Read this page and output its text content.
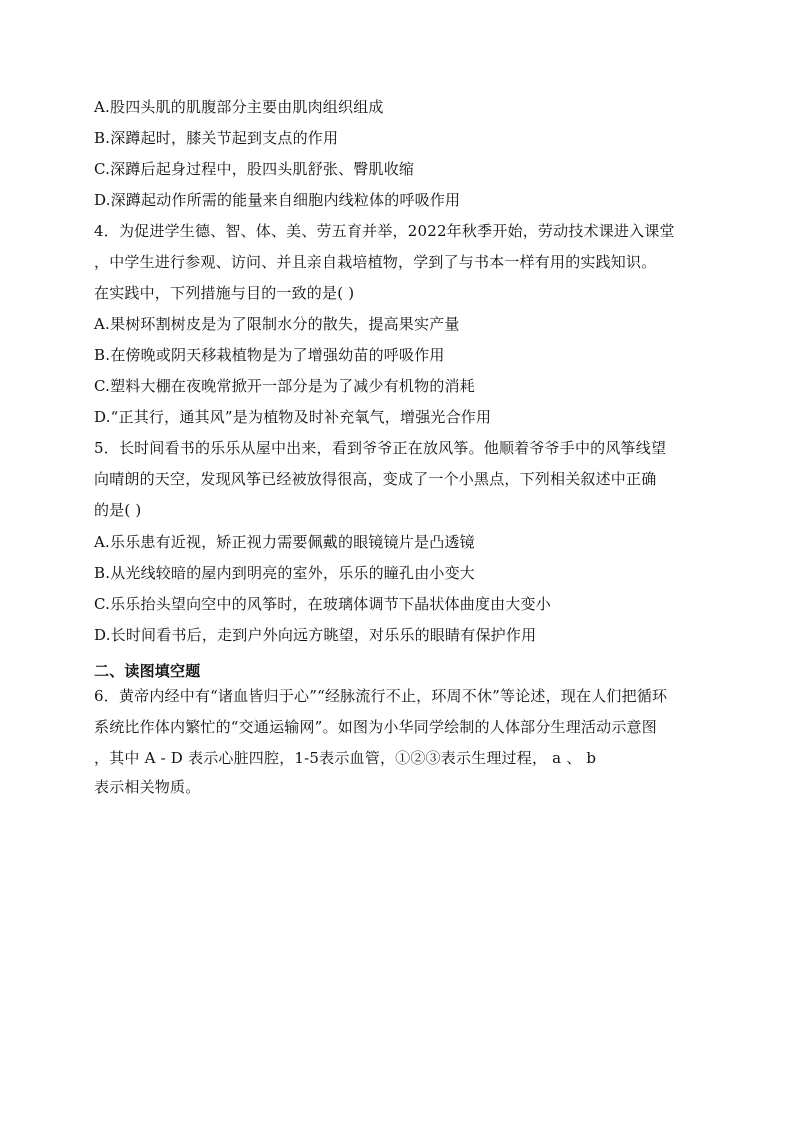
A.股四头肌的肌腹部分主要由肌肉组织组成
B.深蹲起时，膝关节起到支点的作用
C.深蹲后起身过程中，股四头肌舒张、臀肌收缩
D.深蹲起动作所需的能量来自细胞内线粒体的呼吸作用
4．为促进学生德、智、体、美、劳五育并举，2022年秋季开始，劳动技术课进入课堂
，中学生进行参观、访问、并且亲自栽培植物，学到了与书本一样有用的实践知识。
在实践中，下列措施与目的一致的是( )
A.果树环割树皮是为了限制水分的散失，提高果实产量
B.在傍晚或阴天移栽植物是为了增强幼苗的呼吸作用
C.塑料大棚在夜晚常掀开一部分是为了减少有机物的消耗
D.“正其行，通其风”是为植物及时补充氧气，增强光合作用
5．长时间看书的乐乐从屋中出来，看到爷爷正在放风筝。他顺着爷爷手中的风筝线望
向晴朗的天空，发现风筝已经被放得很高，变成了一个小黑点，下列相关叙述中正确
的是( )
A.乐乐患有近视，矫正视力需要佩戴的眼镜镜片是凸透镜
B.从光线较暗的屋内到明亮的室外，乐乐的瞳孔由小变大
C.乐乐抬头望向空中的风筝时，在玻璃体调节下晶状体曲度由大变小
D.长时间看书后，走到户外向远方眺望，对乐乐的眼睛有保护作用
二、读图填空题
6．黄帝内经中有“诸血皆归于心”“经脉流行不止，环周不休”等论述，现在人们把循环
系统比作体内繁忙的“交通运输网”。如图为小华同学绘制的人体部分生理活动示意图
，其中 A - D 表示心脏四腔，1-5表示血管，①②③表示生理过程， a 、 b
表示相关物质。
